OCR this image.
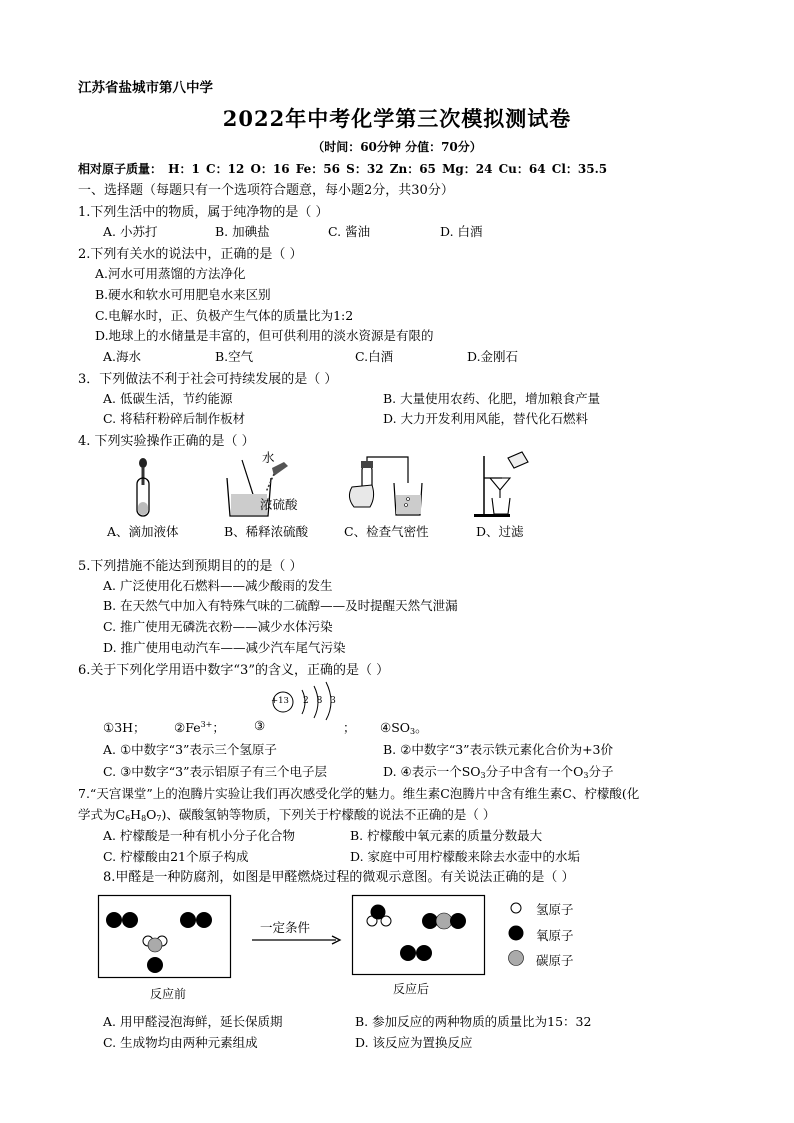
江苏省盐城市第八中学
2022年中考化学第三次模拟测试卷
（时间：60分钟 分值：70分）
相对原子质量： H：1 C：12 O：16 Fe：56 S：32 Zn：65 Mg：24 Cu：64 Cl：35.5
一、选择题（每题只有一个选项符合题意，每小题2分，共30分）
1.下列生活中的物质，属于纯净物的是（ ）
A. 小苏打	B. 加碘盐	C. 酱油	D. 白酒
2.下列有关水的说法中，正确的是（ ）
A.河水可用蒸馏的方法净化
B.硬水和软水可用肥皂水来区别
C.电解水时，正、负极产生气体的质量比为1:2
D.地球上的水储量是丰富的，但可供利用的淡水资源是有限的
A.海水	B.空气	C.白酒	D.金刚石
3．下列做法不利于社会可持续发展的是（ ）
A. 低碳生活，节约能源	B. 大量使用农药、化肥，增加粮食产量
C. 将秸秆粉碎后制作板材	D. 大力开发利用风能，替代化石燃料
4. 下列实验操作正确的是（ ）
水
浓硫酸
A、滴加液体	B、稀释浓硫酸	C、检查气密性	D、过滤
5.下列措施不能达到预期目的的是（ ）
A. 广泛使用化石燃料——减少酸雨的发生
B. 在天然气中加入有特殊气味的二硫醇——及时提醒天然气泄漏
C. 推广使用无磷洗衣粉——减少水体污染
D. 推广使用电动汽车——减少汽车尾气污染
6.关于下列化学用语中数字“3”的含义，正确的是（ ）
+13 2 8 3
①3H； $②Fe^{3+}$； ③	； $④SO_3$。
A. ①中数字“3”表示三个氢原子	B. ②中数字“3”表示铁元素化合价为+3价
C. ③中数字“3”表示铝原子有三个电子层	D. ④表示一个$SO_3$分子中含有一个$O_3$分子
7.“天宫课堂”上的泡腾片实验让我们再次感受化学的魅力。维生素C泡腾片中含有维生素C、柠檬酸(化
学式为$C_6H_8O_7$)、碳酸氢钠等物质，下列关于柠檬酸的说法不正确的是（ ）
A. 柠檬酸是一种有机小分子化合物	B. 柠檬酸中氧元素的质量分数最大
C. 柠檬酸由21个原子构成	D. 家庭中可用柠檬酸来除去水壶中的水垢
8.甲醛是一种防腐剂，如图是甲醛燃烧过程的微观示意图。有关说法正确的是（ ）
反应前
一定条件
反应后
氢原子
氧原子
碳原子
A. 用甲醛浸泡海鲜，延长保质期	B. 参加反应的两种物质的质量比为15：32
C. 生成物均由两种元素组成	D. 该反应为置换反应
